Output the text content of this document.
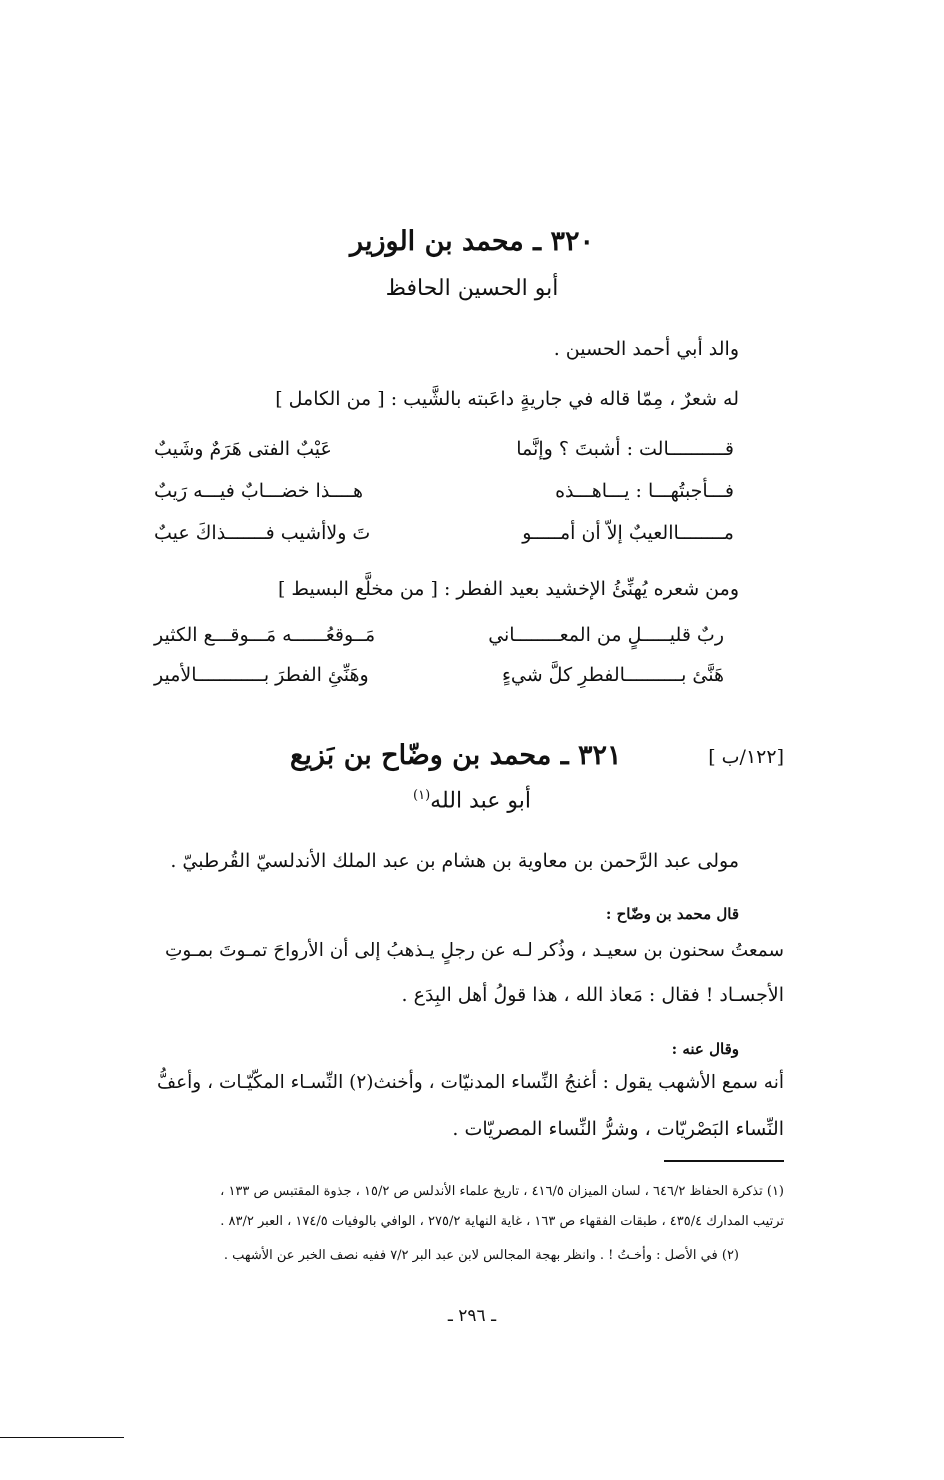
٣٢٠ ـ محمد بن الوزير
أبو الحسين الحافظ
والد أبي أحمد الحسين .
له شعرٌ ، مِمّا قاله في جاريةٍ داعَبته بالشَّيب : [ من الكامل ]
قــــــــــالت : أشبتَ ؟ وإنَّما
عَيْبٌ الفتى هَرَمٌ وشَيبٌ
فـــأجبتُهـــا : يـــاهـــذه
هــــذا خضـــابٌ فيـــه رَيبٌ
مــــــــاالعيبٌ إلاّ أن أمـــــو
تَ ولاأشيب فـــــــذاكَ عيبٌ
ومن شعره يُهنِّئُ الإخشيد بعيد الفطر : [ من مخلَّع البسيط ]
ربٌ قليـــــلٍ من المعــــــــاني
مَــوقعُــــــه مَـــوقـــع الكثير
هَنَّئ بــــــــــالفطرِ كلَّ شيءٍ
وهَنِّئِ الفطرَ بــــــــــــالأمير
[١٢٢/ب ]
٣٢١ ـ محمد بن وضّاح بن بَزيع
أبو عبد الله$^{(١)}$
مولى عبد الرَّحمن بن معاوية بن هشام بن عبد الملك الأندلسيّ القُرطبيّ .
قال محمد بن وضّاح :
سمعتُ سحنون بن سعيـد ، وذُكر لـه عن رجلٍ يـذهبُ إلى أن الأرواحَ تمـوتَ بمـوتِ
الأجسـاد ! فقال : مَعاذ الله ، هذا قولُ أهل البِدَع .
وقال عنه :
أنه سمع الأشهب يقول : أغنجُ النِّساء المدنيّات ، وأخنث(٢) النِّسـاء المكّيّـات ، وأعفُّ
النِّساء البَصْريّات ، وشرُّ النِّساء المصريّات .
(١) تذكرة الحفاظ ٦٤٦/٢ ، لسان الميزان ٤١٦/٥ ، تاريخ علماء الأندلس ص ١٥/٢ ، جذوة المقتبس ص ١٣٣ ،
ترتيب المدارك ٤٣٥/٤ ، طبقات الفقهاء ص ١٦٣ ، غاية النهاية ٢٧٥/٢ ، الوافي بالوفيات ١٧٤/٥ ، العبر ٨٣/٢ .
(٢) في الأصل : وأخـتُ ! . وانظر بهجة المجالس لابن عبد البر ٧/٢ ففيه نصف الخبر عن الأشهب .
ـ ٢٩٦ ـ
